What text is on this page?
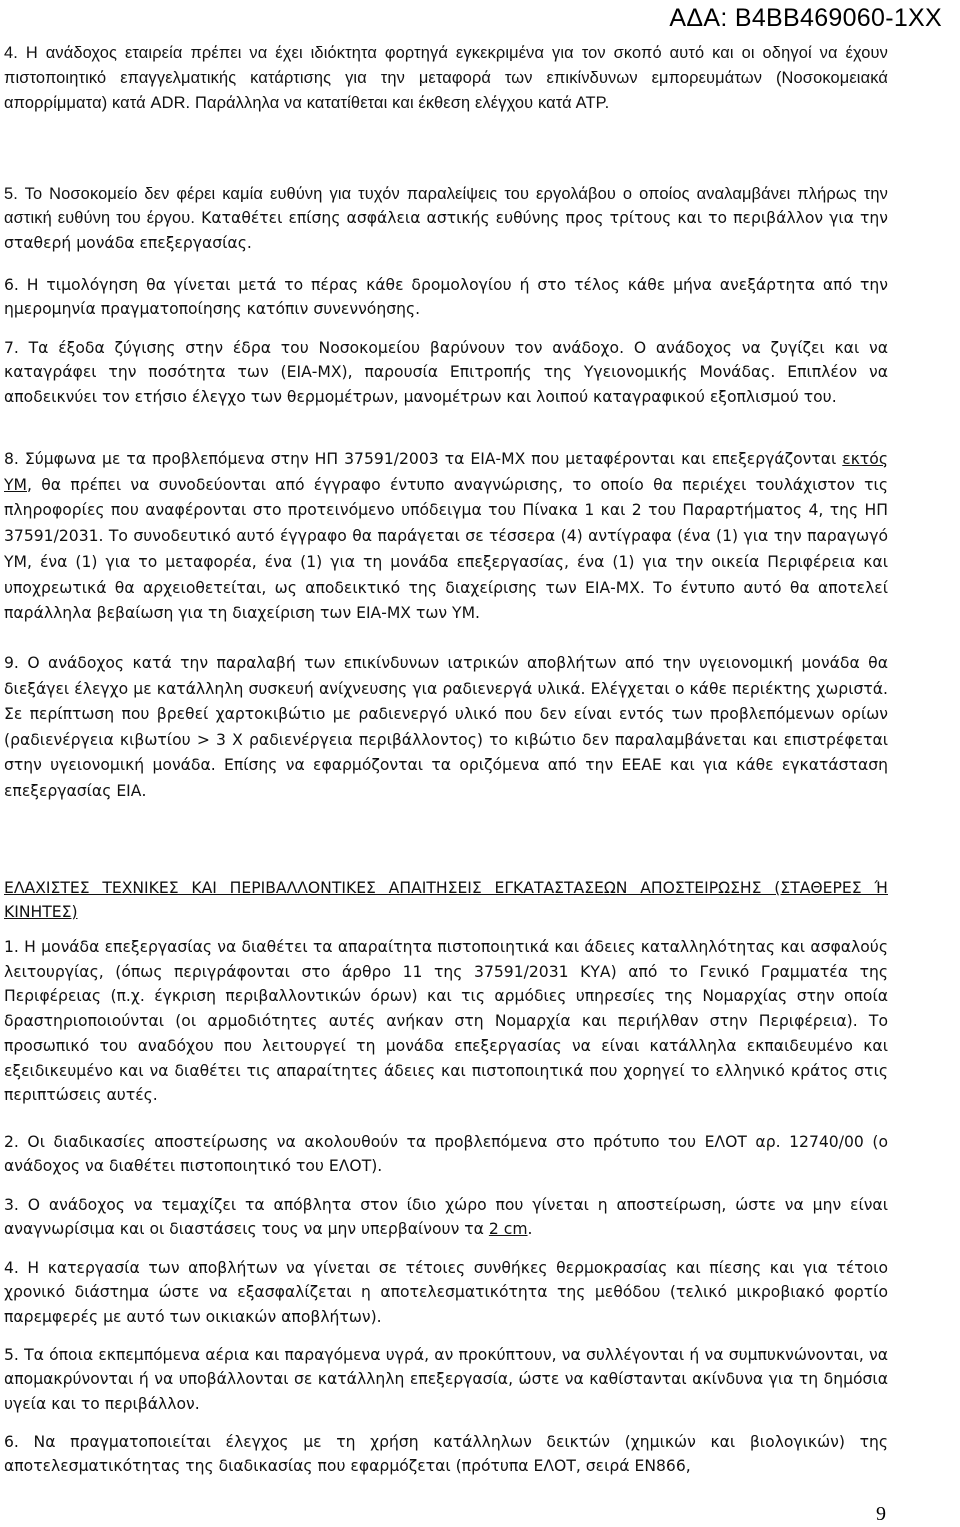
ΑΔΑ: Β4ΒΒ469060-1ΧΧ

4. Η ανάδοχος εταιρεία πρέπει να έχει ιδιόκτητα φορτηγά εγκεκριμένα για τον σκοπό αυτό και οι οδηγοί να έχουν πιστοποιητικό επαγγελματικής κατάρτισης για την μεταφορά των επικίνδυνων εμπορευμάτων (Νοσοκομειακά απορρίμματα) κατά ADR. Παράλληλα να κατατίθεται και έκθεση ελέγχου κατά ΑΤΡ.

5. Το Νοσοκομείο δεν φέρει καμία ευθύνη για τυχόν παραλείψεις του εργολάβου ο οποίος αναλαμβάνει πλήρως την αστική ευθύνη του έργου. Καταθέτει επίσης ασφάλεια αστικής ευθύνης προς τρίτους και το περιβάλλον για την σταθερή μονάδα επεξεργασίας.

6. Η τιμολόγηση θα γίνεται μετά το πέρας κάθε δρομολογίου ή στο τέλος κάθε μήνα ανεξάρτητα από την ημερομηνία πραγματοποίησης κατόπιν συνεννόησης.

7. Τα έξοδα ζύγισης στην έδρα του Νοσοκομείου βαρύνουν τον ανάδοχο. Ο ανάδοχος να ζυγίζει και να καταγράφει την ποσότητα των (ΕΙΑ-ΜΧ), παρουσία Επιτροπής της Υγειονομικής Μονάδας. Επιπλέον να αποδεικνύει τον ετήσιο έλεγχο των θερμομέτρων, μανομέτρων και λοιπού καταγραφικού εξοπλισμού του.

8. Σύμφωνα με τα προβλεπόμενα στην ΗΠ 37591/2003 τα ΕΙΑ-ΜΧ που μεταφέρονται και επεξεργάζονται εκτός ΥΜ, θα πρέπει να συνοδεύονται από έγγραφο έντυπο αναγνώρισης, το οποίο θα περιέχει τουλάχιστον τις πληροφορίες που αναφέρονται στο προτεινόμενο υπόδειγμα του Πίνακα 1 και 2 του Παραρτήματος 4, της ΗΠ 37591/2031. Το συνοδευτικό αυτό έγγραφο θα παράγεται σε τέσσερα (4) αντίγραφα (ένα (1) για την παραγωγό ΥΜ, ένα (1) για το μεταφορέα, ένα (1) για τη μονάδα επεξεργασίας, ένα (1) για την οικεία Περιφέρεια και υποχρεωτικά θα αρχειοθετείται, ως αποδεικτικό της διαχείρισης των ΕΙΑ-ΜΧ. Το έντυπο αυτό θα αποτελεί παράλληλα βεβαίωση για τη διαχείριση των ΕΙΑ-ΜΧ των ΥΜ.

9. Ο ανάδοχος κατά την παραλαβή των επικίνδυνων ιατρικών αποβλήτων από την υγειονομική μονάδα θα διεξάγει έλεγχο με κατάλληλη συσκευή ανίχνευσης για ραδιενεργά υλικά. Ελέγχεται ο κάθε περιέκτης χωριστά. Σε περίπτωση που βρεθεί χαρτοκιβώτιο με ραδιενεργό υλικό που δεν είναι εντός των προβλεπόμενων ορίων (ραδιενέργεια κιβωτίου > 3 X ραδιενέργεια περιβάλλοντος) το κιβώτιο δεν παραλαμβάνεται και επιστρέφεται στην υγειονομική μονάδα. Επίσης να εφαρμόζονται τα οριζόμενα από την ΕΕΑΕ και για κάθε εγκατάσταση επεξεργασίας ΕΙΑ.

ΕΛΑΧΙΣΤΕΣ ΤΕΧΝΙΚΕΣ ΚΑΙ ΠΕΡΙΒΑΛΛΟΝΤΙΚΕΣ ΑΠΑΙΤΗΣΕΙΣ ΕΓΚΑΤΑΣΤΑΣΕΩΝ ΑΠΟΣΤΕΙΡΩΣΗΣ (ΣΤΑΘΕΡΕΣ Ή ΚΙΝΗΤΕΣ)

1. Η μονάδα επεξεργασίας να διαθέτει τα απαραίτητα πιστοποιητικά και άδειες καταλληλότητας και ασφαλούς λειτουργίας, (όπως περιγράφονται στο άρθρο 11 της 37591/2031 ΚΥΑ) από το Γενικό Γραμματέα της Περιφέρειας (π.χ. έγκριση περιβαλλοντικών όρων) και τις αρμόδιες υπηρεσίες της Νομαρχίας στην οποία δραστηριοποιούνται (οι αρμοδιότητες αυτές ανήκαν στη Νομαρχία και περιήλθαν στην Περιφέρεια). Το προσωπικό του αναδόχου που λειτουργεί τη μονάδα επεξεργασίας να είναι κατάλληλα εκπαιδευμένο και εξειδικευμένο και να διαθέτει τις απαραίτητες άδειες και πιστοποιητικά που χορηγεί το ελληνικό κράτος στις περιπτώσεις αυτές.

2. Οι διαδικασίες αποστείρωσης να ακολουθούν τα προβλεπόμενα στο πρότυπο του ΕΛΟΤ αρ. 12740/00 (ο ανάδοχος να διαθέτει πιστοποιητικό του ΕΛΟΤ).

3. Ο ανάδοχος να τεμαχίζει τα απόβλητα στον ίδιο χώρο που γίνεται η αποστείρωση, ώστε να μην είναι αναγνωρίσιμα και οι διαστάσεις τους να μην υπερβαίνουν τα 2 cm.

4. Η κατεργασία των αποβλήτων να γίνεται σε τέτοιες συνθήκες θερμοκρασίας και πίεσης και για τέτοιο χρονικό διάστημα ώστε να εξασφαλίζεται η αποτελεσματικότητα της μεθόδου (τελικό μικροβιακό φορτίο παρεμφερές με αυτό των οικιακών αποβλήτων).

5. Τα όποια εκπεμπόμενα αέρια και παραγόμενα υγρά, αν προκύπτουν, να συλλέγονται ή να συμπυκνώνονται, να απομακρύνονται ή να υποβάλλονται σε κατάλληλη επεξεργασία, ώστε να καθίστανται ακίνδυνα για τη δημόσια υγεία και το περιβάλλον.

6. Να πραγματοποιείται έλεγχος με τη χρήση κατάλληλων δεικτών (χημικών και βιολογικών) της αποτελεσματικότητας της διαδικασίας που εφαρμόζεται (πρότυπα ΕΛΟΤ, σειρά ΕΝ866,

9
